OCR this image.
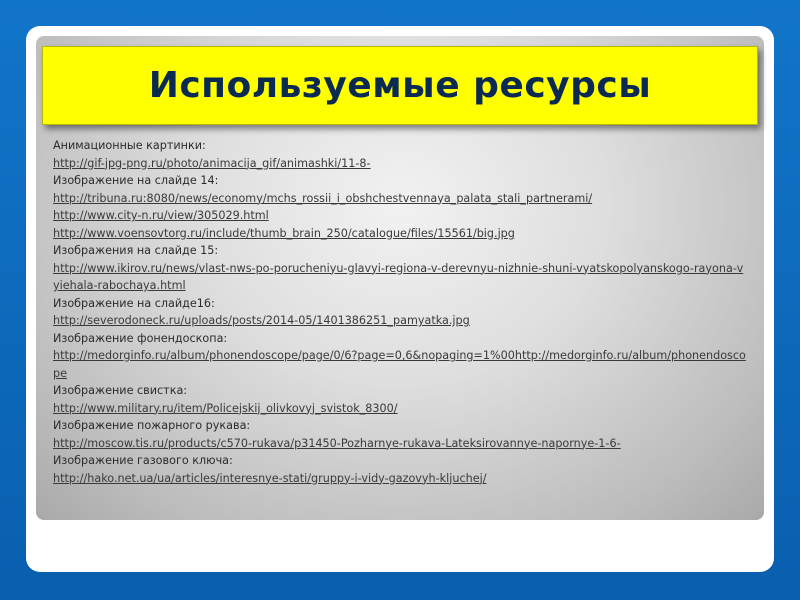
Используемые ресурсы
Анимационные картинки:
http://gif-jpg-png.ru/photo/animacija_gif/animashki/11-8-
Изображение на слайде 14:
http://tribuna.ru:8080/news/economy/mchs_rossii_i_obshchestvennaya_palata_stali_partnerami/
http://www.city-n.ru/view/305029.html
http://www.voensovtorg.ru/include/thumb_brain_250/catalogue/files/15561/big.jpg
Изображения на слайде 15:
http://www.ikirov.ru/news/vlast-nws-po-porucheniyu-glavyi-regiona-v-derevnyu-nizhnie-shuni-vyatskopolyanskogo-rayona-vyiehala-rabochaya.html
Изображение на слайде16:
http://severodoneck.ru/uploads/posts/2014-05/1401386251_pamyatka.jpg
Изображение фонендоскопа:
http://medorginfo.ru/album/phonendoscope/page/0/6?page=0,6&nopaging=1%00http://medorginfo.ru/album/phonendoscope
Изображение свистка:
http://www.military.ru/item/Policejskij_olivkovyj_svistok_8300/
Изображение пожарного рукава:
http://moscow.tis.ru/products/c570-rukava/p31450-Pozharnye-rukava-Lateksirovannye-napornye-1-6-
Изображение газового ключа:
http://hako.net.ua/ua/articles/interesnye-stati/gruppy-i-vidy-gazovyh-kljuchej/
